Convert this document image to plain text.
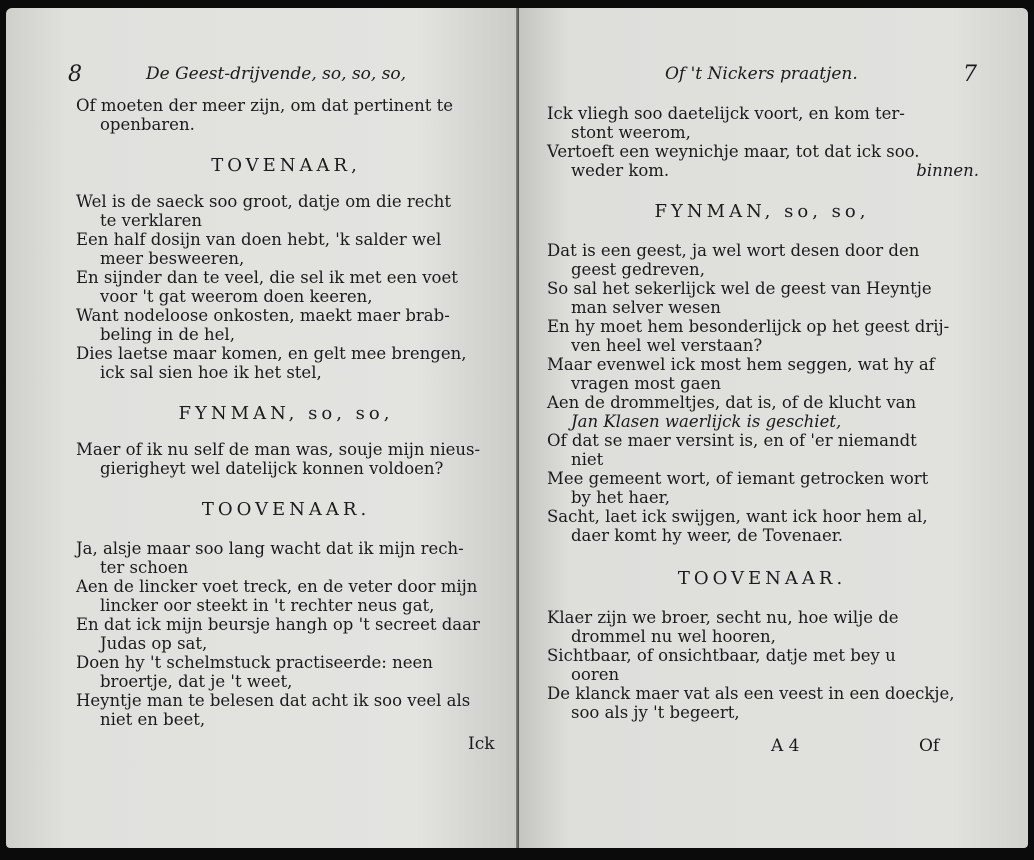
8	De Geest-drijvende, so, so, so,
Of moeten der meer zijn, om dat pertinent te
openbaren.
TOVENAAR,
Wel is de saeck soo groot, datje om die recht
te verklaren
Een half dosijn van doen hebt, 'k salder wel
meer besweeren,
En sijnder dan te veel, die sel ik met een voet
voor 't gat weerom doen keeren,
Want nodeloose onkosten, maekt maer brab-
beling in de hel,
Dies laetse maar komen, en gelt mee brengen,
ick sal sien hoe ik het stel,
FYNMAN, so, so,
Maer of ik nu self de man was, souje mijn nieus-
gierigheyt wel datelijck konnen voldoen?
TOOVENAAR.
Ja, alsje maar soo lang wacht dat ik mijn rech-
ter schoen
Aen de lincker voet treck, en de veter door mijn
lincker oor steekt in 't rechter neus gat,
En dat ick mijn beursje hangh op 't secreet daar
Judas op sat,
Doen hy 't schelmstuck practiseerde: neen
broertje, dat je 't weet,
Heyntje man te belesen dat acht ik soo veel als
niet en beet,
Ick
Of 't Nickers praatjen.	7
Ick vliegh soo daetelijck voort, en kom ter-
stont weerom,
Vertoeft een weynichje maar, tot dat ick soo.
weder kom.	binnen.
FYNMAN, so, so,
Dat is een geest, ja wel wort desen door den
geest gedreven,
So sal het sekerlijck wel de geest van Heyntje
man selver wesen
En hy moet hem besonderlijck op het geest drij-
ven heel wel verstaan?
Maar evenwel ick most hem seggen, wat hy af
vragen most gaen
Aen de drommeltjes, dat is, of de klucht van
Jan Klasen waerlijck is geschiet,
Of dat se maer versint is, en of 'er niemandt
niet
Mee gemeent wort, of iemant getrocken wort
by het haer,
Sacht, laet ick swijgen, want ick hoor hem al,
daer komt hy weer, de Tovenaer.
TOOVENAAR.
Klaer zijn we broer, secht nu, hoe wilje de
drommel nu wel hooren,
Sichtbaar, of onsichtbaar, datje met bey u
ooren
De klanck maer vat als een veest in een doeckje,
soo als jy 't begeert,
A 4	Of
